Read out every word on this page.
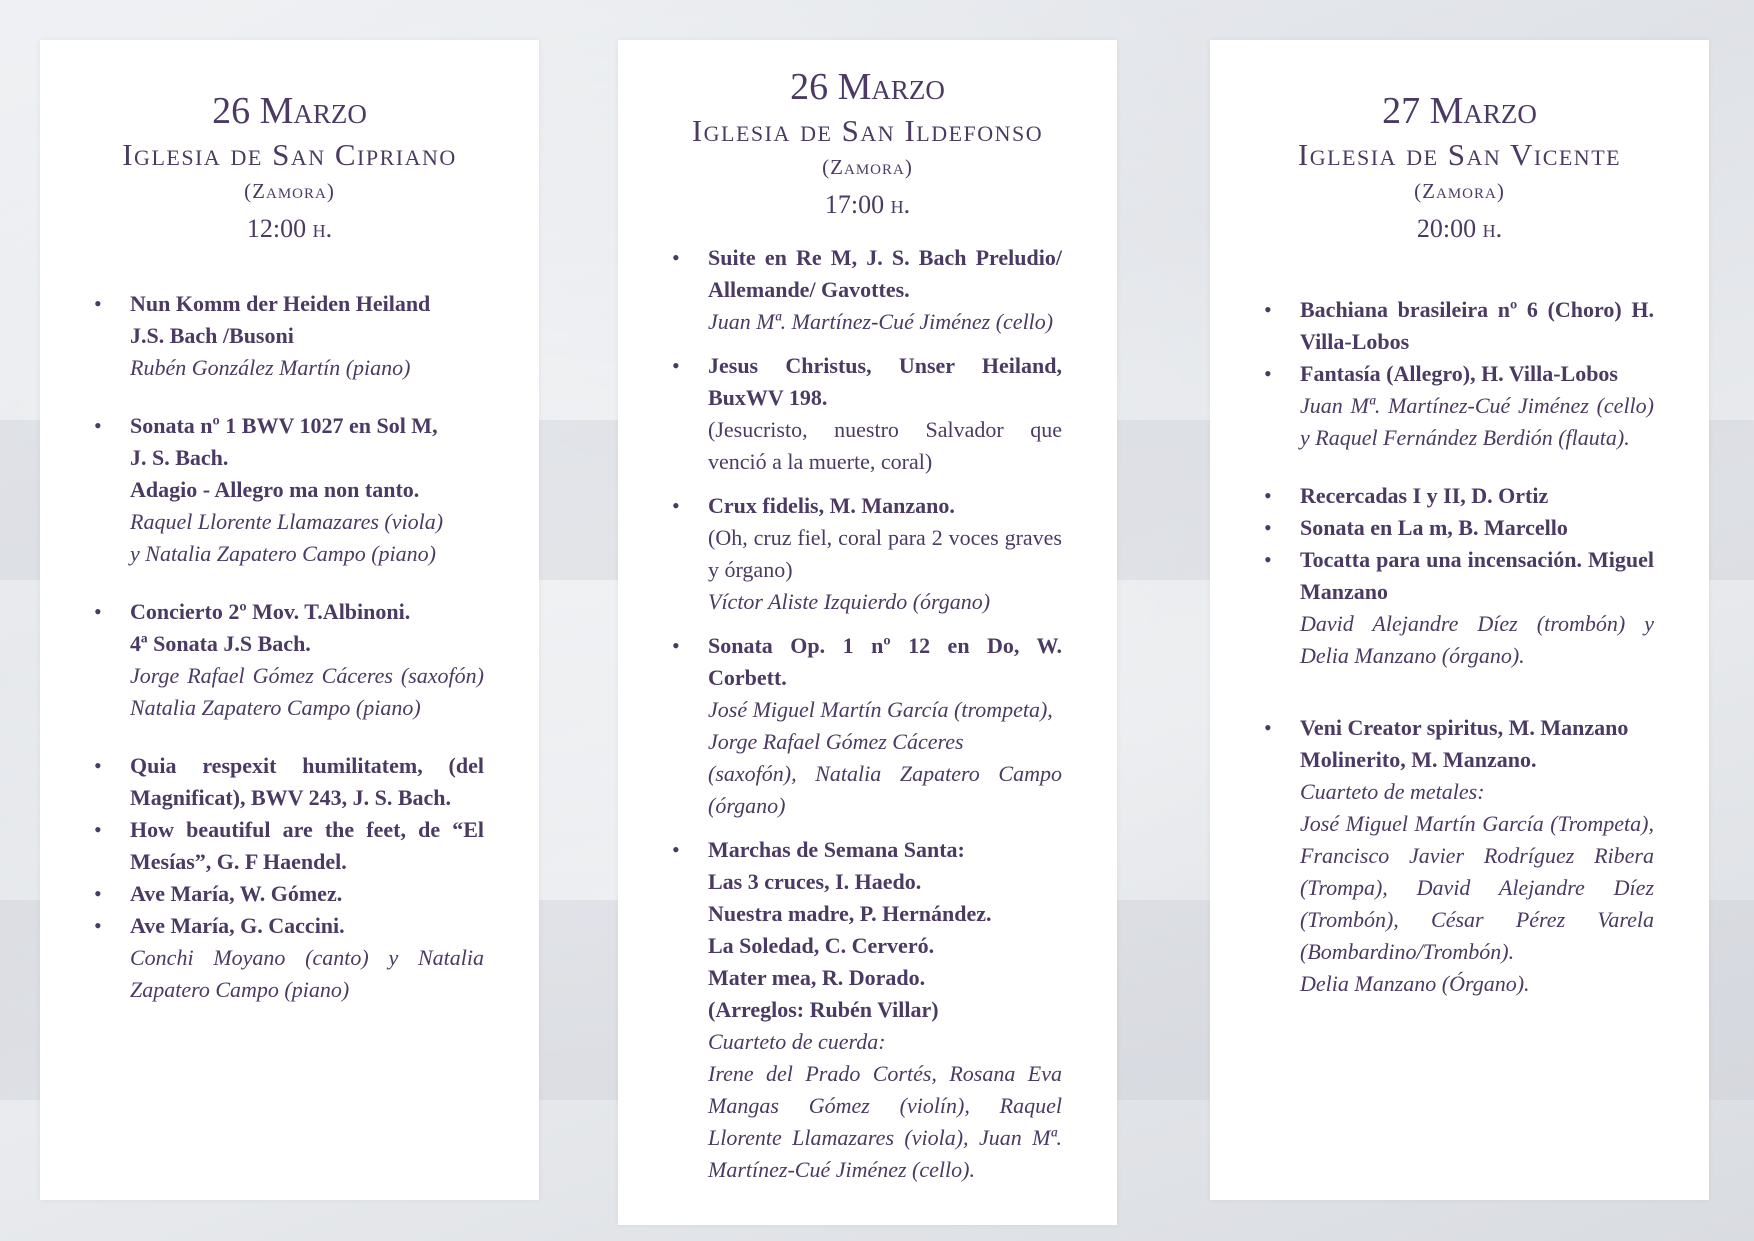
26 Marzo
Iglesia de San Cipriano
(Zamora)
12:00 h.
• Nun Komm der Heiden Heiland
J.S. Bach /Busoni
Rubén González Martín (piano)
• Sonata nº 1 BWV 1027 en Sol M,
J. S. Bach.
Adagio - Allegro ma non tanto.
Raquel Llorente Llamazares (viola)
y Natalia Zapatero Campo (piano)
• Concierto 2º Mov. T.Albinoni.
4ª Sonata J.S Bach.
Jorge Rafael Gómez Cáceres (saxofón) Natalia Zapatero Campo (piano)
• Quia respexit humilitatem, (del Magnificat), BWV 243, J. S. Bach.
• How beautiful are the feet, de “El Mesías”, G. F Haendel.
• Ave María, W. Gómez.
• Ave María, G. Caccini.
Conchi Moyano (canto) y Natalia Zapatero Campo (piano)
26 Marzo
Iglesia de San Ildefonso
(Zamora)
17:00 h.
• Suite en Re M, J. S. Bach Preludio/ Allemande/ Gavottes.
Juan Mª. Martínez-Cué Jiménez (cello)
• Jesus Christus, Unser Heiland, BuxWV 198.
(Jesucristo, nuestro Salvador que venció a la muerte, coral)
• Crux fidelis, M. Manzano.
(Oh, cruz fiel, coral para 2 voces graves y órgano)
Víctor Aliste Izquierdo (órgano)
• Sonata Op. 1 nº 12 en Do, W. Corbett.
José Miguel Martín García (trompeta),
Jorge Rafael Gómez Cáceres
(saxofón), Natalia Zapatero Campo (órgano)
• Marchas de Semana Santa:
Las 3 cruces, I. Haedo.
Nuestra madre, P. Hernández.
La Soledad, C. Cerveró.
Mater mea, R. Dorado.
(Arreglos: Rubén Villar)
Cuarteto de cuerda:
Irene del Prado Cortés, Rosana Eva Mangas Gómez (violín), Raquel Llorente Llamazares (viola), Juan Mª. Martínez-Cué Jiménez (cello).
27 Marzo
Iglesia de San Vicente
(Zamora)
20:00 h.
• Bachiana brasileira nº 6 (Choro) H. Villa-Lobos
• Fantasía (Allegro), H. Villa-Lobos
Juan Mª. Martínez-Cué Jiménez (cello) y Raquel Fernández Berdión (flauta).
• Recercadas I y II, D. Ortiz
• Sonata en La m, B. Marcello
• Tocatta para una incensación. Miguel Manzano
David Alejandre Díez (trombón) y Delia Manzano (órgano).
• Veni Creator spiritus, M. Manzano
Molinerito, M. Manzano.
Cuarteto de metales:
José Miguel Martín García (Trompeta), Francisco Javier Rodríguez Ribera (Trompa), David Alejandre Díez (Trombón), César Pérez Varela (Bombardino/Trombón).
Delia Manzano (Órgano).
